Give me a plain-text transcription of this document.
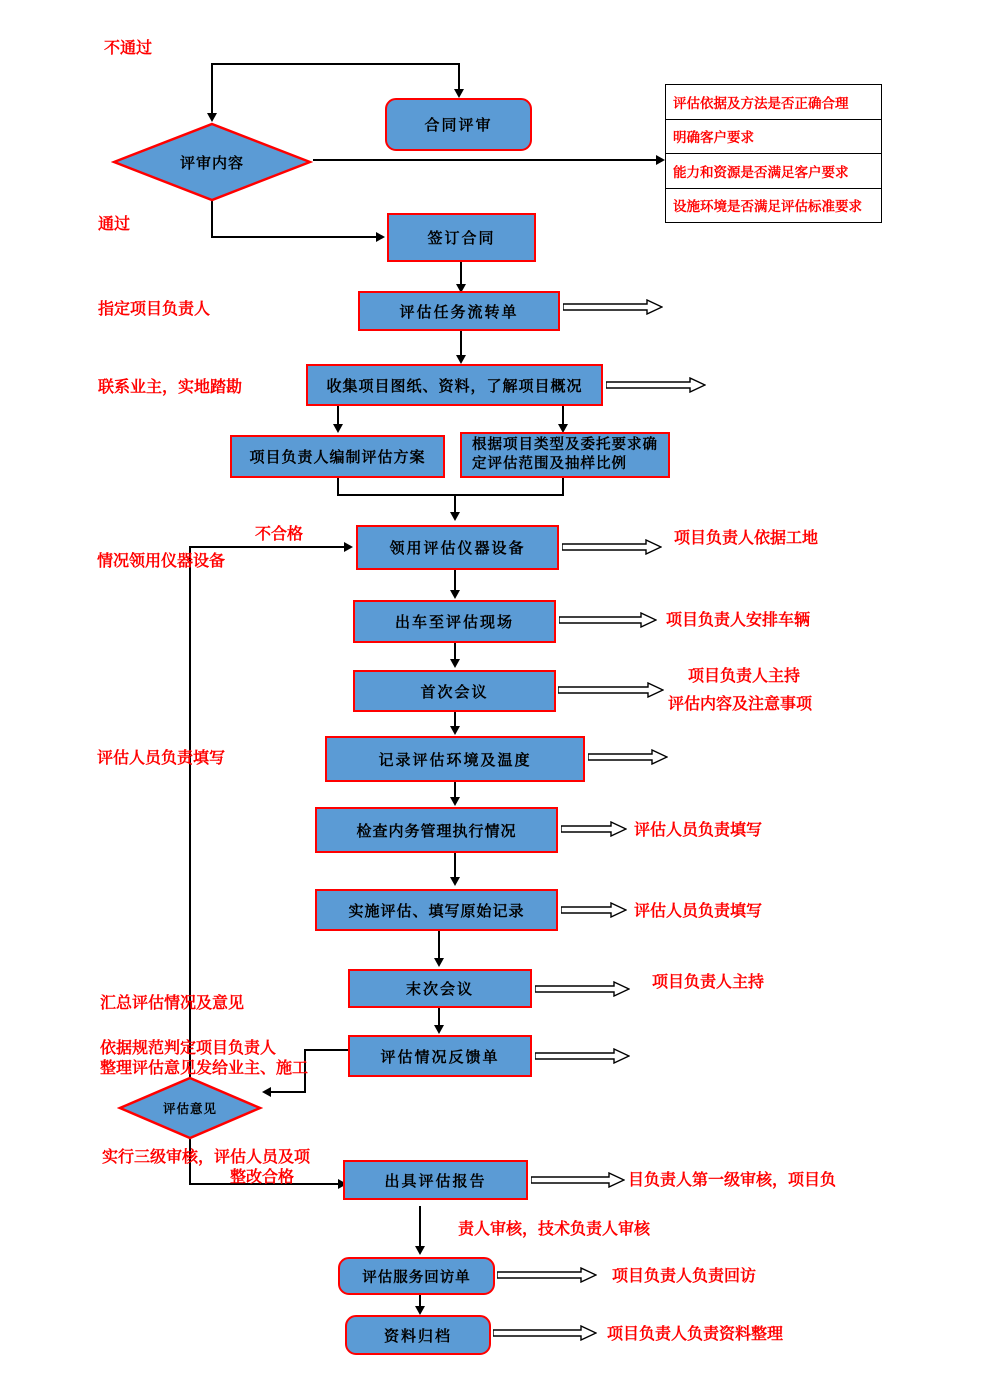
评审内容
评估意见
合同评审
签订合同
评估任务流转单
收集项目图纸、资料，了解项目概况
项目负责人编制评估方案
根据项目类型及委托要求确定评估范围及抽样比例
领用评估仪器设备
出车至评估现场
首次会议
记录评估环境及温度
检查内务管理执行情况
实施评估、填写原始记录
末次会议
评估情况反馈单
出具评估报告
评估服务回访单
资料归档
评估依据及方法是否正确合理
明确客户要求
能力和资源是否满足客户要求
设施环境是否满足评估标准要求
不通过
通过
指定项目负责人
联系业主，实地踏勘
不合格
情况领用仪器设备
项目负责人依据工地
项目负责人安排车辆
项目负责人主持
评估内容及注意事项
评估人员负责填写
评估人员负责填写
评估人员负责填写
项目负责人主持
汇总评估情况及意见
依据规范判定项目负责人
整理评估意见发给业主、施工
实行三级审核，评估人员及项
整改合格	目负责人第一级审核，项目负
责人审核，技术负责人审核
项目负责人负责回访
项目负责人负责资料整理
